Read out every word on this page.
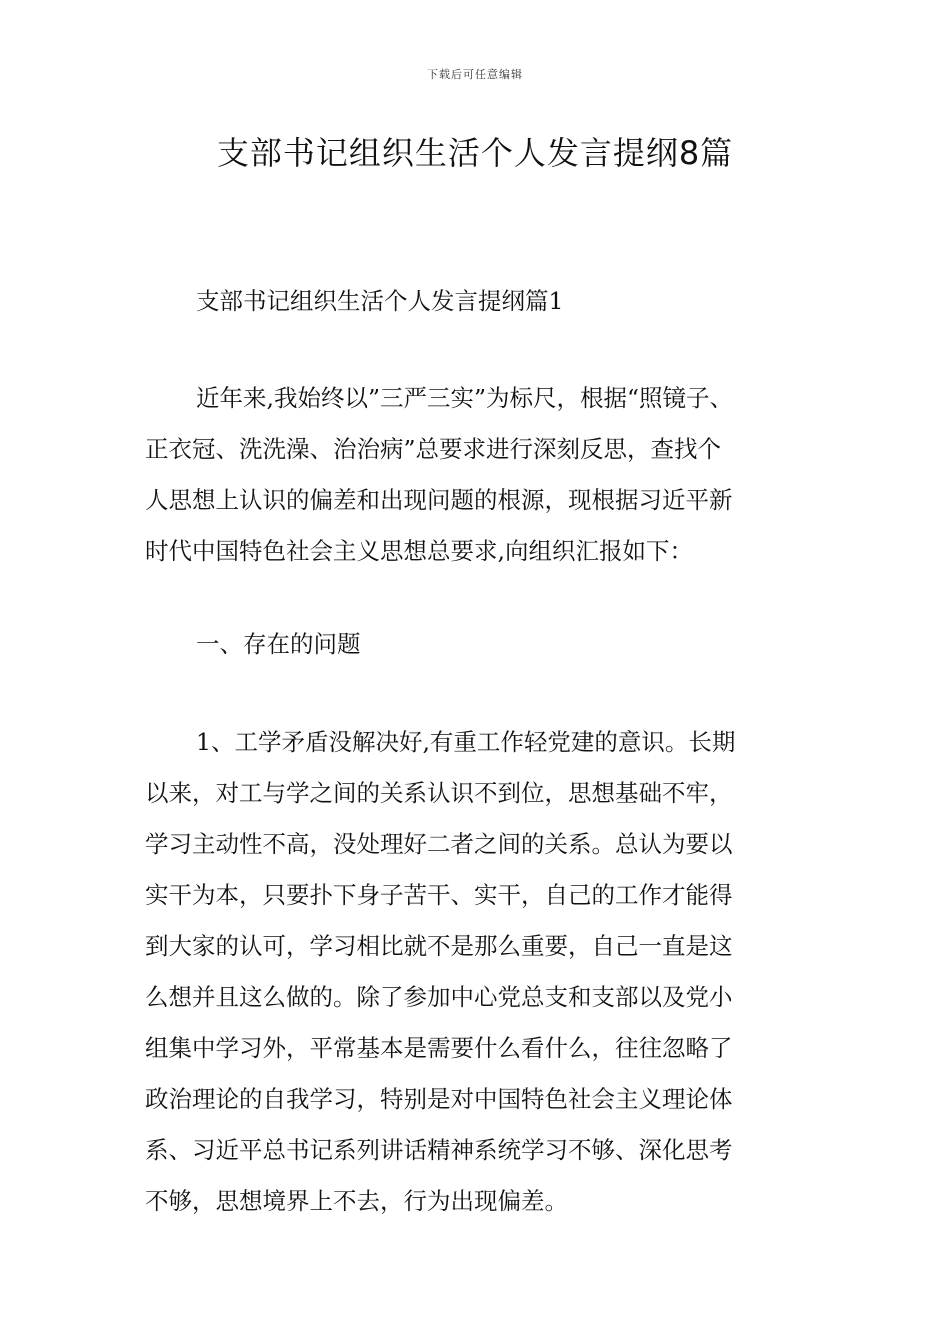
下载后可任意编辑
支部书记组织生活个人发言提纲8篇

支部书记组织生活个人发言提纲篇1

近年来,我始终以”三严三实”为标尺，根据“照镜子、
正衣冠、洗洗澡、治治病”总要求进行深刻反思，查找个
人思想上认识的偏差和出现问题的根源，现根据习近平新
时代中国特色社会主义思想总要求,向组织汇报如下：

一、存在的问题

1、工学矛盾没解决好,有重工作轻党建的意识。长期
以来，对工与学之间的关系认识不到位，思想基础不牢，
学习主动性不高，没处理好二者之间的关系。总认为要以
实干为本，只要扑下身子苦干、实干，自己的工作才能得
到大家的认可，学习相比就不是那么重要，自己一直是这
么想并且这么做的。除了参加中心党总支和支部以及党小
组集中学习外，平常基本是需要什么看什么，往往忽略了
政治理论的自我学习，特别是对中国特色社会主义理论体
系、习近平总书记系列讲话精神系统学习不够、深化思考
不够，思想境界上不去，行为出现偏差。
